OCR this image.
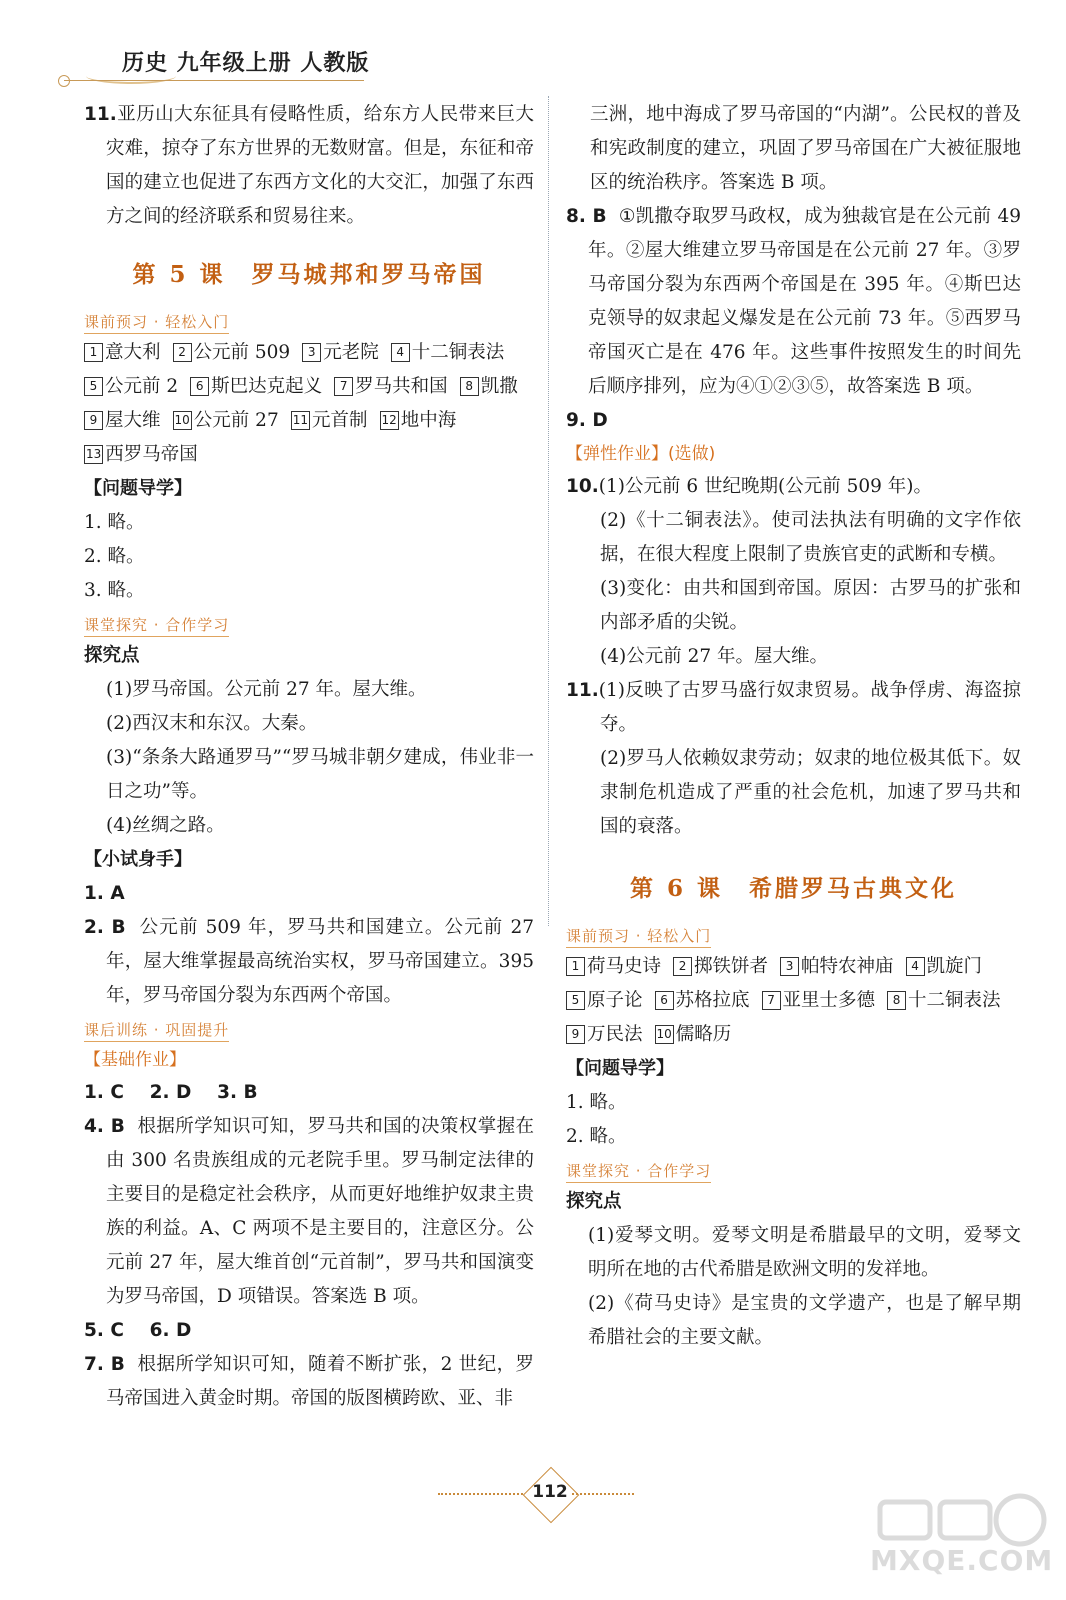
历史 九年级上册 人教版

11.亚历山大东征具有侵略性质，给东方人民带来巨大灾难，掠夺了东方世界的无数财富。但是，东征和帝国的建立也促进了东西方文化的大交汇，加强了东西方之间的经济联系和贸易往来。

第 5 课 罗马城邦和罗马帝国
课前预习 · 轻松入门

1 意大利 2 公元前 509 3 元老院 4 十二铜表法5 公元前 2 6 斯巴达克起义 7 罗马共和国 8 凯撒9 屋大维 10 公元前 27 11 元首制 12 地中海13 西罗马帝国

【问题导学】

1. 略。

2. 略。

3. 略。

课堂探究 · 合作学习

探究点

(1)罗马帝国。公元前 27 年。屋大维。

(2)西汉末和东汉。大秦。

(3)“条条大路通罗马”“罗马城非朝夕建成，伟业非一日之功”等。

(4)丝绸之路。

【小试身手】

1. A

2. B 公元前 509 年，罗马共和国建立。公元前 27 年，屋大维掌握最高统治实权，罗马帝国建立。395 年，罗马帝国分裂为东西两个帝国。

课后训练 · 巩固提升

【基础作业】

1. C    2. D    3. B

4. B 根据所学知识可知，罗马共和国的决策权掌握在由 300 名贵族组成的元老院手里。罗马制定法律的主要目的是稳定社会秩序，从而更好地维护奴隶主贵族的利益。A、C 两项不是主要目的，注意区分。公元前 27 年，屋大维首创“元首制”，罗马共和国演变为罗马帝国，D 项错误。答案选 B 项。

5. C    6. D

7. B 根据所学知识可知，随着不断扩张，2 世纪，罗马帝国进入黄金时期。帝国的版图横跨欧、亚、非

三洲，地中海成了罗马帝国的“内湖”。公民权的普及和宪政制度的建立，巩固了罗马帝国在广大被征服地区的统治秩序。答案选 B 项。

8. B ①凯撒夺取罗马政权，成为独裁官是在公元前 49 年。②屋大维建立罗马帝国是在公元前 27 年。③罗马帝国分裂为东西两个帝国是在 395 年。④斯巴达克领导的奴隶起义爆发是在公元前 73 年。⑤西罗马帝国灭亡是在 476 年。这些事件按照发生的时间先后顺序排列，应为④①②③⑤，故答案选 B 项。

9. D

【弹性作业】(选做)

10.(1)公元前 6 世纪晚期(公元前 509 年)。

(2)《十二铜表法》。使司法执法有明确的文字作依据，在很大程度上限制了贵族官吏的武断和专横。

(3)变化：由共和国到帝国。原因：古罗马的扩张和内部矛盾的尖锐。

(4)公元前 27 年。屋大维。

11.(1)反映了古罗马盛行奴隶贸易。战争俘虏、海盗掠夺。

(2)罗马人依赖奴隶劳动；奴隶的地位极其低下。奴隶制危机造成了严重的社会危机，加速了罗马共和国的衰落。

第 6 课 希腊罗马古典文化
课前预习 · 轻松入门

1 荷马史诗 2 掷铁饼者 3 帕特农神庙 4 凯旋门5 原子论 6 苏格拉底 7 亚里士多德 8 十二铜表法9 万民法 10 儒略历

【问题导学】

1. 略。

2. 略。

课堂探究 · 合作学习

探究点

(1)爱琴文明。爱琴文明是希腊最早的文明，爱琴文明所在地的古代希腊是欧洲文明的发祥地。

(2)《荷马史诗》是宝贵的文学遗产，也是了解早期希腊社会的主要文献。

112
MXQE.COM
